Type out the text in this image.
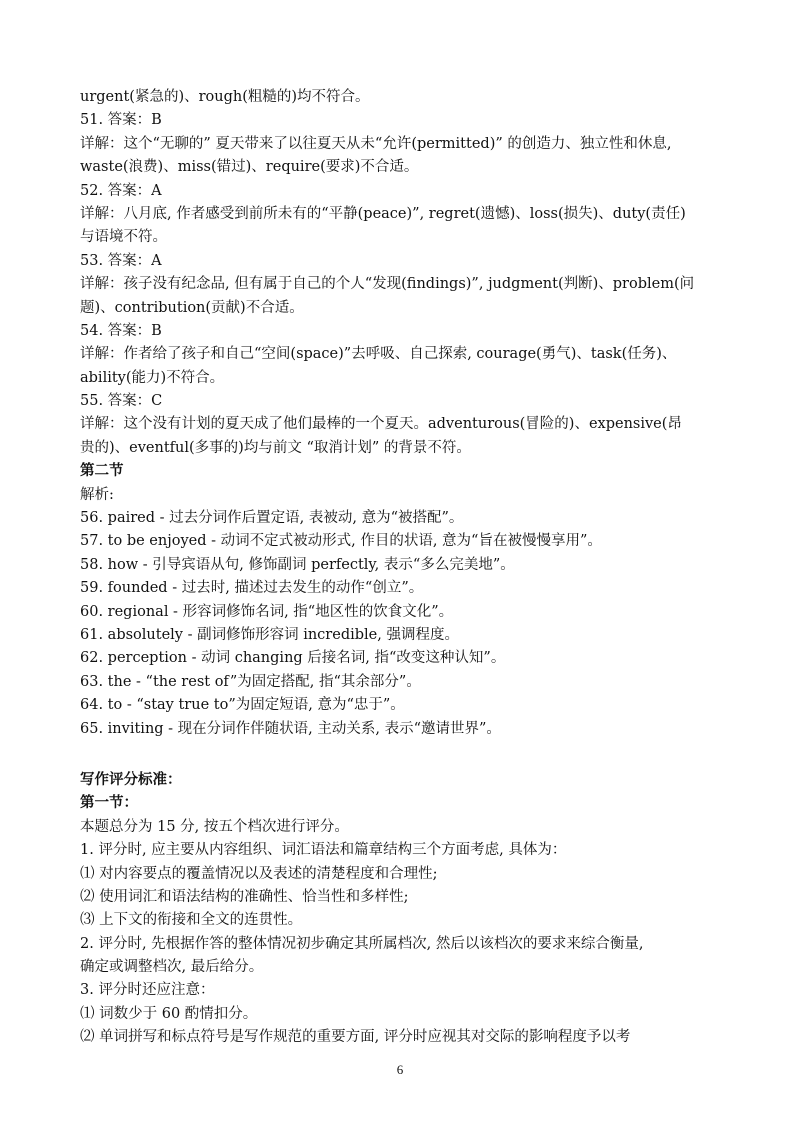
urgent(紧急的)、rough(粗糙的)均不符合。
51. 答案：B
详解：这个“无聊的” 夏天带来了以往夏天从未“允许(permitted)” 的创造力、独立性和休息,
waste(浪费)、miss(错过)、require(要求)不合适。
52. 答案：A
详解：八月底, 作者感受到前所未有的“平静(peace)”, regret(遗憾)、loss(损失)、duty(责任)
与语境不符。
53. 答案：A
详解：孩子没有纪念品, 但有属于自己的个人“发现(findings)”, judgment(判断)、problem(问
题)、contribution(贡献)不合适。
54. 答案：B
详解：作者给了孩子和自己“空间(space)”去呼吸、自己探索, courage(勇气)、task(任务)、
ability(能力)不符合。
55. 答案：C
详解：这个没有计划的夏天成了他们最棒的一个夏天。adventurous(冒险的)、expensive(昂
贵的)、eventful(多事的)均与前文 “取消计划” 的背景不符。
第二节
解析:
56. paired - 过去分词作后置定语, 表被动, 意为“被搭配”。
57. to be enjoyed - 动词不定式被动形式, 作目的状语, 意为“旨在被慢慢享用”。
58. how - 引导宾语从句, 修饰副词 perfectly, 表示“多么完美地”。
59. founded - 过去时, 描述过去发生的动作“创立”。
60. regional - 形容词修饰名词, 指“地区性的饮食文化”。
61. absolutely - 副词修饰形容词 incredible, 强调程度。
62. perception - 动词 changing 后接名词, 指“改变这种认知”。
63. the - “the rest of”为固定搭配, 指“其余部分”。
64. to - “stay true to”为固定短语, 意为“忠于”。
65. inviting - 现在分词作伴随状语, 主动关系, 表示“邀请世界”。
写作评分标准：
第一节：
本题总分为 15 分, 按五个档次进行评分。
1. 评分时, 应主要从内容组织、词汇语法和篇章结构三个方面考虑, 具体为：
⑴ 对内容要点的覆盖情况以及表述的清楚程度和合理性;
⑵ 使用词汇和语法结构的准确性、恰当性和多样性;
⑶ 上下文的衔接和全文的连贯性。
2. 评分时, 先根据作答的整体情况初步确定其所属档次, 然后以该档次的要求来综合衡量,
确定或调整档次, 最后给分。
3. 评分时还应注意：
⑴ 词数少于 60 酌情扣分。
⑵ 单词拼写和标点符号是写作规范的重要方面, 评分时应视其对交际的影响程度予以考
6
